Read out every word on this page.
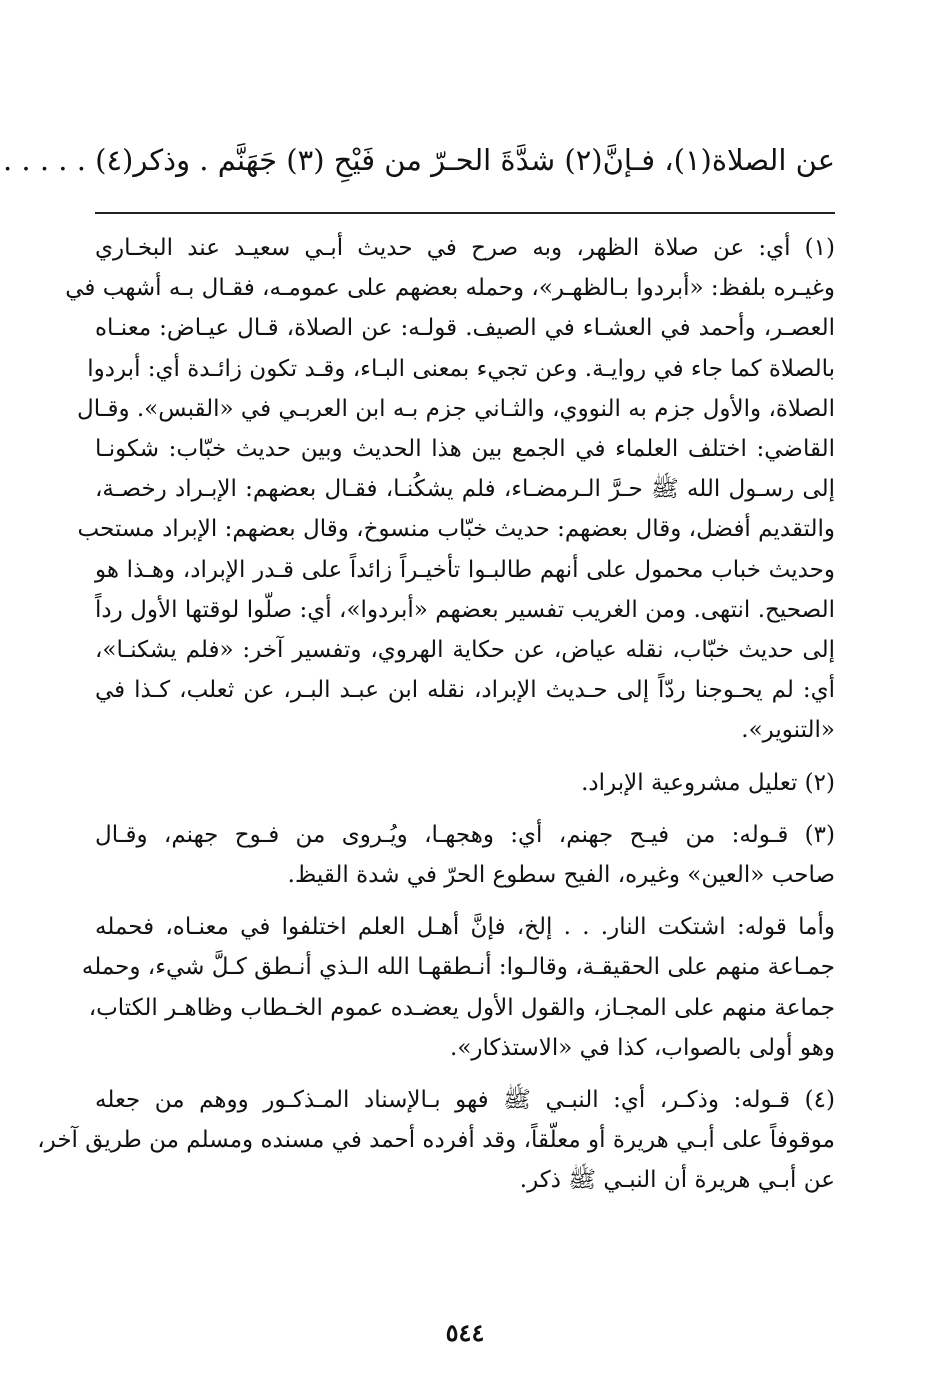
عن الصلاة(١)، فـإنَّ(٢) شدَّةَ الحـرّ من فَيْحِ (٣) جَهَنَّم . وذكر(٤) . . . . .

(١) أي: عن صلاة الظهر، وبه صرح في حديث أبـي سعيـد عند البخـاري
وغيـره بلفظ: «أبردوا بـالظهـر»، وحمله بعضهم على عمومـه، فقـال بـه أشهب في
العصـر، وأحمد في العشـاء في الصيف. قولـه: عن الصلاة، قـال عيـاض: معنـاه
بالصلاة كما جاء في روايـة. وعن تجيء بمعنى البـاء، وقـد تكون زائـدة أي: أبردوا
الصلاة، والأول جزم به النووي، والثـاني جزم بـه ابن العربـي في «القبس». وقـال
القاضي: اختلف العلماء في الجمع بين هذا الحديث وبين حديث خبّاب: شكونـا
إلى رسـول الله ﷺ حـرَّ الـرمضـاء، فلم يشكُنـا، فقـال بعضهم: الإبـراد رخصـة،
والتقديم أفضل، وقال بعضهم: حديث خبّاب منسوخ، وقال بعضهم: الإبراد مستحب
وحديث خباب محمول على أنهم طالبـوا تأخيـراً زائداً على قـدر الإبراد، وهـذا هو
الصحيح. انتهى. ومن الغريب تفسير بعضهم «أبردوا»، أي: صلّوا لوقتها الأول رداً
إلى حديث خبّاب، نقله عياض، عن حكاية الهروي، وتفسير آخر: «فلم يشكنـا»،
أي: لم يحـوجنا ردّاً إلى حـديث الإبراد، نقله ابن عبـد البـر، عن ثعلب، كـذا في
«التنوير».

(٢) تعليل مشروعية الإبراد.

(٣) قـوله: من فيـح جهنم، أي: وهجهـا، ويُـروى من فـوح جهنم، وقـال
صاحب «العين» وغيره، الفيح سطوع الحرّ في شدة القيظ.

وأما قوله: اشتكت النار. . . إلخ، فإنَّ أهـل العلم اختلفوا في معنـاه، فحمله
جمـاعة منهم على الحقيقـة، وقالـوا: أنـطقهـا الله الـذي أنـطق كـلَّ شيء، وحمله
جماعة منهم على المجـاز، والقول الأول يعضـده عموم الخـطاب وظاهـر الكتاب،
وهو أولى بالصواب، كذا في «الاستذكار».

(٤) قـوله: وذكـر، أي: النبـي ﷺ فهو بـالإسناد المـذكـور ووهم من جعله
موقوفاً على أبـي هريرة أو معلّقاً، وقد أفرده أحمد في مسنده ومسلم من طريق آخر،
عن أبـي هريرة أن النبـي ﷺ ذكر.

٥٤٤
